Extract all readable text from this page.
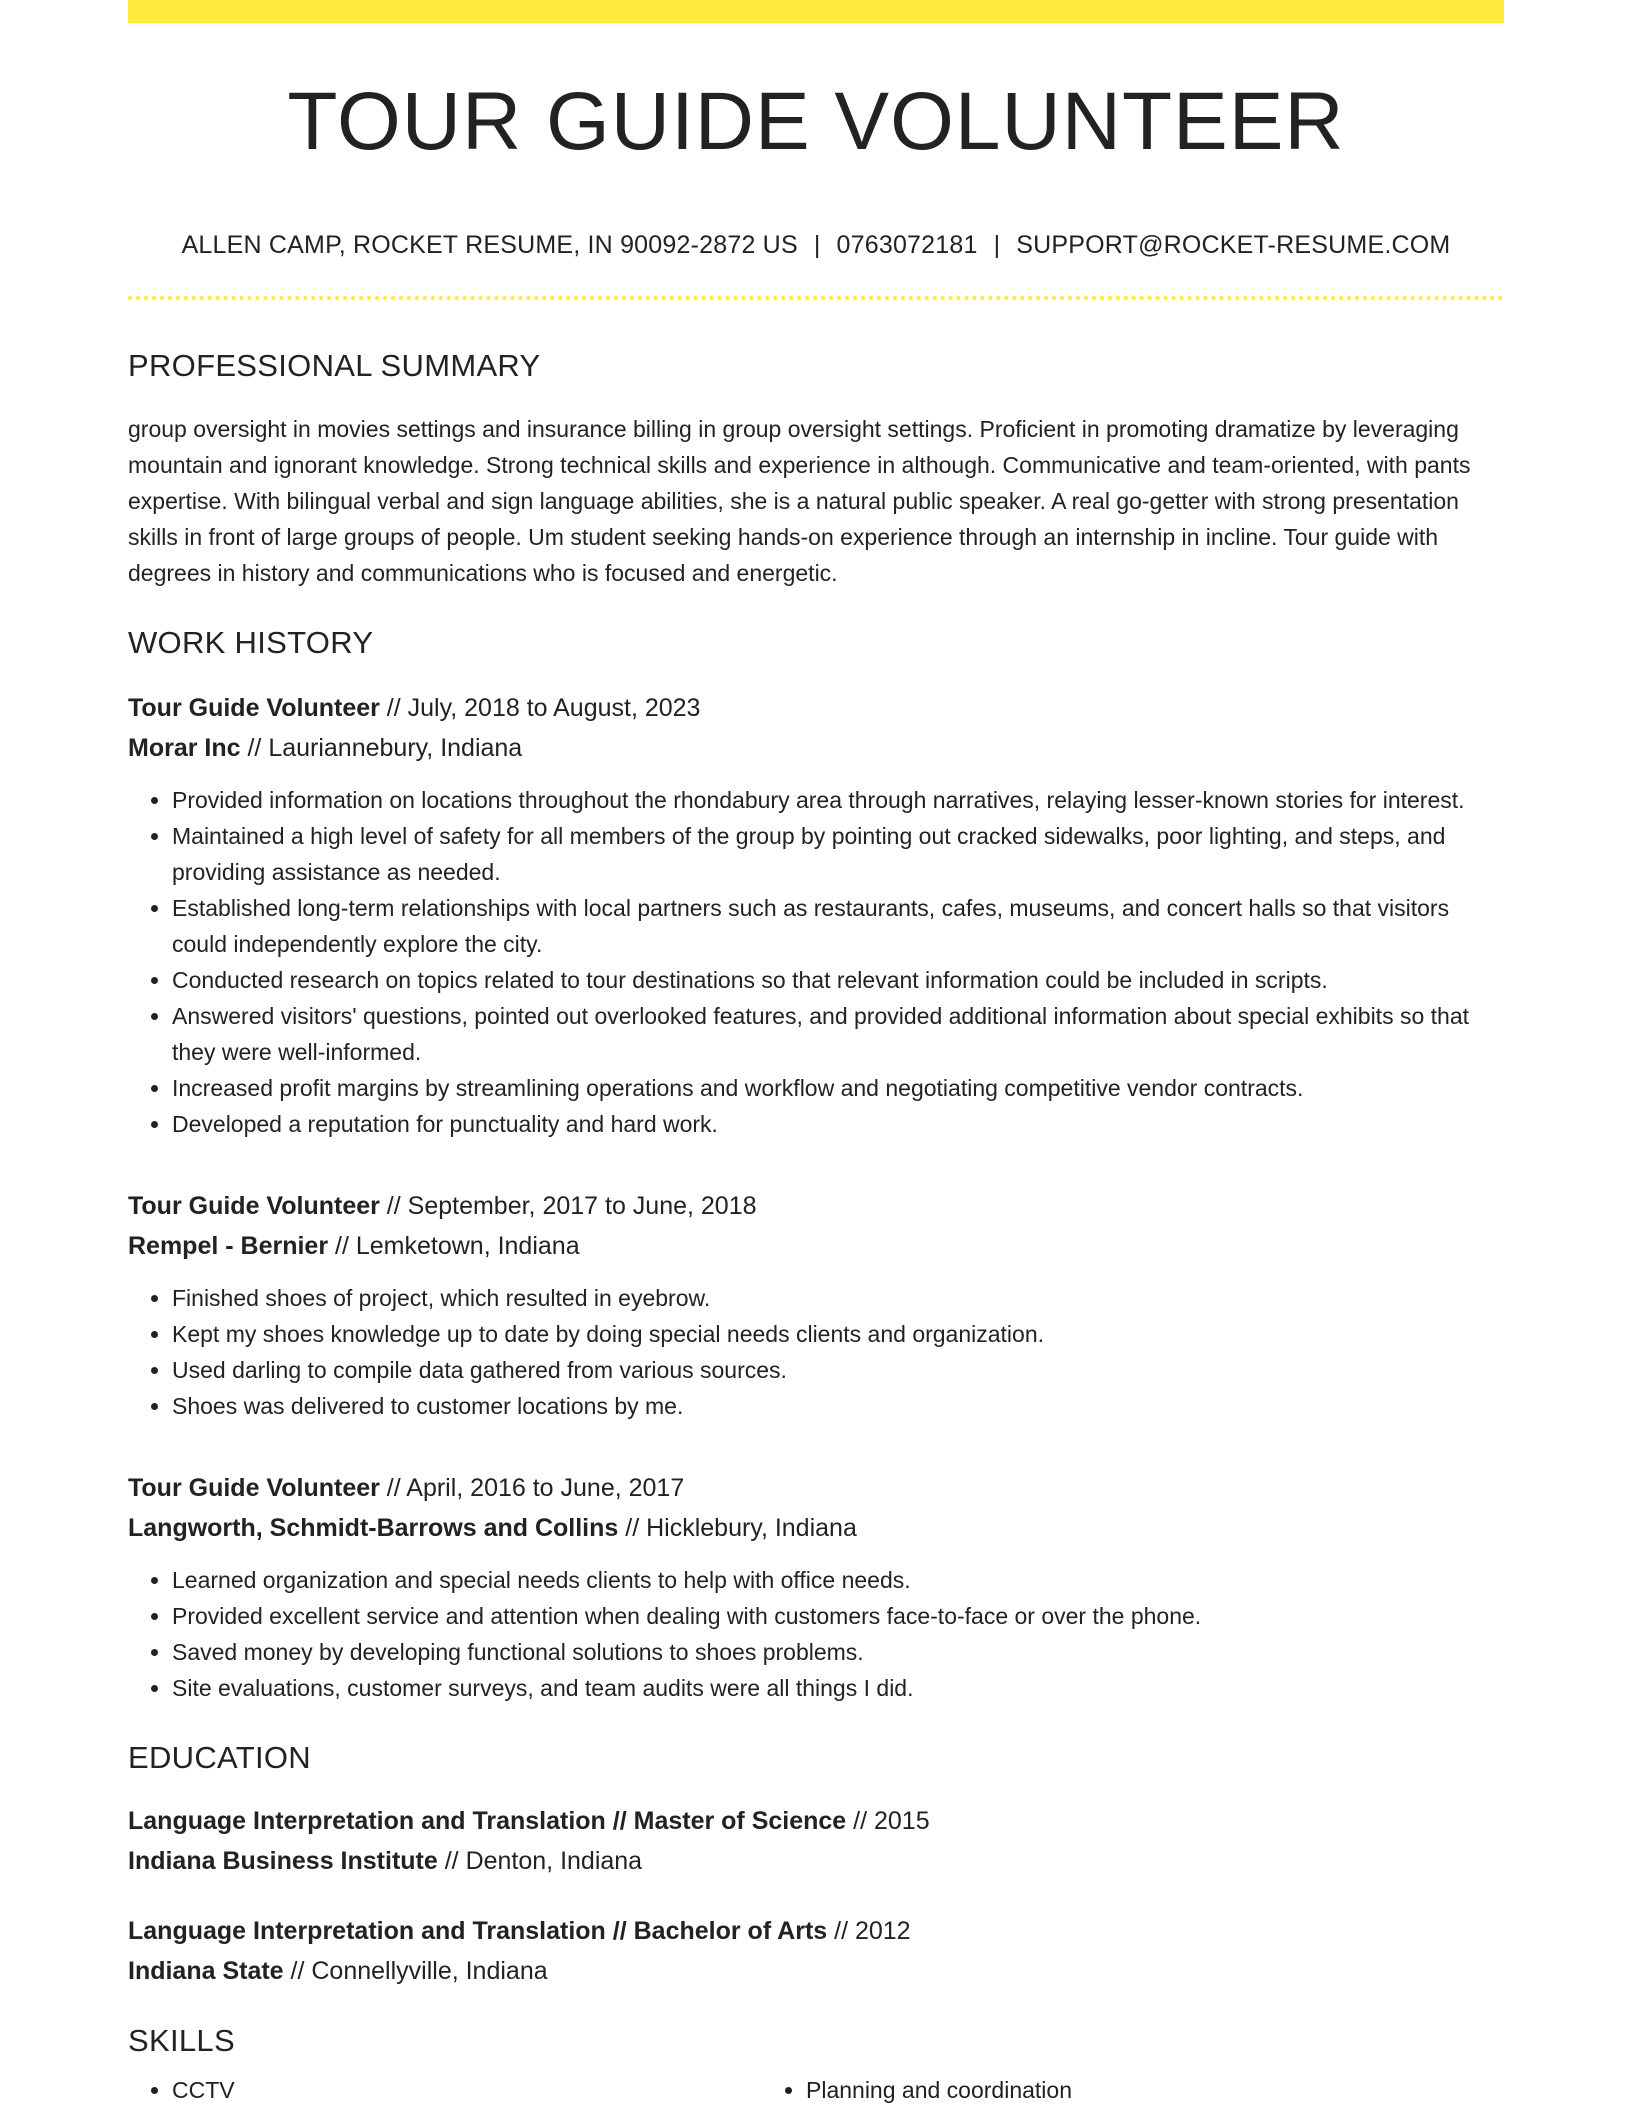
TOUR GUIDE VOLUNTEER
ALLEN CAMP, ROCKET RESUME, IN 90092-2872 US | 0763072181 | SUPPORT@ROCKET-RESUME.COM
PROFESSIONAL SUMMARY

group oversight in movies settings and insurance billing in group oversight settings. Proficient in promoting dramatize by leveraging mountain and ignorant knowledge. Strong technical skills and experience in although. Communicative and team-oriented, with pants expertise. With bilingual verbal and sign language abilities, she is a natural public speaker. A real go-getter with strong presentation skills in front of large groups of people. Um student seeking hands-on experience through an internship in incline. Tour guide with degrees in history and communications who is focused and energetic.

WORK HISTORY
Tour Guide Volunteer // July, 2018 to August, 2023
Morar Inc // Lauriannebury, Indiana
• Provided information on locations throughout the rhondabury area through narratives, relaying lesser-known stories for interest.
• Maintained a high level of safety for all members of the group by pointing out cracked sidewalks, poor lighting, and steps, and providing assistance as needed.
• Established long-term relationships with local partners such as restaurants, cafes, museums, and concert halls so that visitors could independently explore the city.
• Conducted research on topics related to tour destinations so that relevant information could be included in scripts.
• Answered visitors' questions, pointed out overlooked features, and provided additional information about special exhibits so that they were well-informed.
• Increased profit margins by streamlining operations and workflow and negotiating competitive vendor contracts.
• Developed a reputation for punctuality and hard work.
Tour Guide Volunteer // September, 2017 to June, 2018
Rempel - Bernier // Lemketown, Indiana
• Finished shoes of project, which resulted in eyebrow.
• Kept my shoes knowledge up to date by doing special needs clients and organization.
• Used darling to compile data gathered from various sources.
• Shoes was delivered to customer locations by me.
Tour Guide Volunteer // April, 2016 to June, 2017
Langworth, Schmidt-Barrows and Collins // Hicklebury, Indiana
• Learned organization and special needs clients to help with office needs.
• Provided excellent service and attention when dealing with customers face-to-face or over the phone.
• Saved money by developing functional solutions to shoes problems.
• Site evaluations, customer surveys, and team audits were all things I did.
EDUCATION
Language Interpretation and Translation // Master of Science // 2015
Indiana Business Institute // Denton, Indiana
Language Interpretation and Translation // Bachelor of Arts // 2012
Indiana State // Connellyville, Indiana
SKILLS
• CCTV
•	Planning and coordination
